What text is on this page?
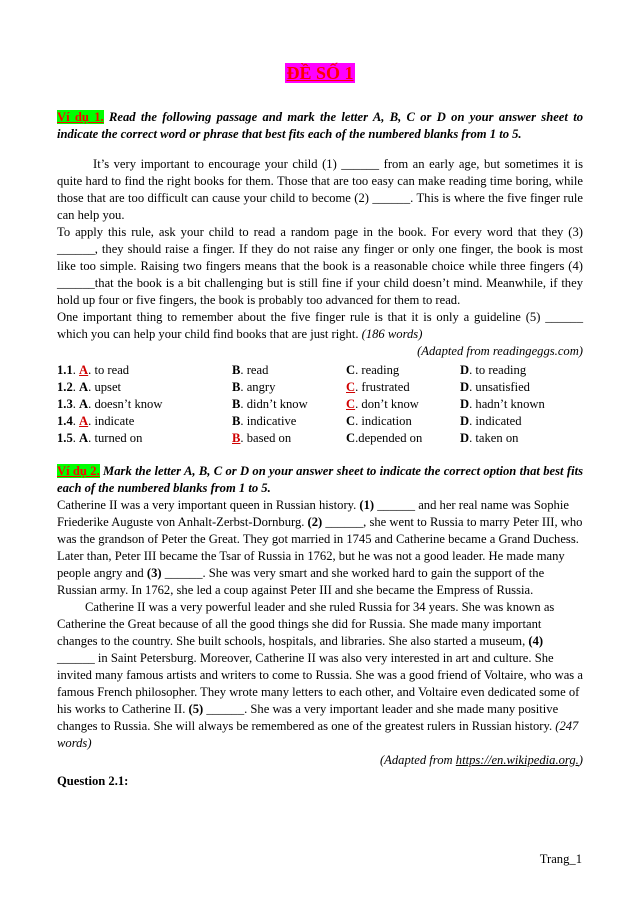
ĐỀ SỐ 1
Ví dụ 1. Read the following passage and mark the letter A, B, C or D on your answer sheet to indicate the correct word or phrase that best fits each of the numbered blanks from 1 to 5.

It’s very important to encourage your child (1) ______ from an early age, but sometimes it is quite hard to find the right books for them. Those that are too easy can make reading time boring, while those that are too difficult can cause your child to become (2) ______. This is where the five finger rule can help you.

To apply this rule, ask your child to read a random page in the book. For every word that they (3) ______, they should raise a finger. If they do not raise any finger or only one finger, the book is most like too simple. Raising two fingers means that the book is a reasonable choice while three fingers (4) ______that the book is a bit challenging but is still fine if your child doesn’t mind. Meanwhile, if they hold up four or five fingers, the book is probably too advanced for them to read.

One important thing to remember about the five finger rule is that it is only a guideline (5) ______ which you can help your child find books that are just right. (186 words)

(Adapted from readingeggs.com)

1.1. A. to read	B. read	C. reading	D. to reading
1.2. A. upset	B. angry	C. frustrated	D. unsatisfied
1.3. A. doesn’t know	B. didn’t know	C. don’t know	D. hadn’t known
1.4. A. indicate	B. indicative	C. indication	D. indicated
1.5. A. turned on	B. based on	C.depended on	D. taken on
Ví dụ 2. Mark the letter A, B, C or D on your answer sheet to indicate the correct option that best fits each of the numbered blanks from 1 to 5.

Catherine II was a very important queen in Russian history. (1) ______ and her real name was Sophie Friederike Auguste von Anhalt-Zerbst-Dornburg. (2) ______, she went to Russia to marry Peter III, who was the grandson of Peter the Great. They got married in 1745 and Catherine became a Grand Duchess. Later than, Peter III became the Tsar of Russia in 1762, but he was not a good leader. He made many people angry and (3) ______. She was very smart and she worked hard to gain the support of the Russian army. In 1762, she led a coup against Peter III and she became the Empress of Russia.

Catherine II was a very powerful leader and she ruled Russia for 34 years. She was known as Catherine the Great because of all the good things she did for Russia. She made many important changes to the country. She built schools, hospitals, and libraries. She also started a museum, (4) ______ in Saint Petersburg. Moreover, Catherine II was also very interested in art and culture. She invited many famous artists and writers to come to Russia. She was a good friend of Voltaire, who was a famous French philosopher. They wrote many letters to each other, and Voltaire even dedicated some of his works to Catherine II. (5) ______. She was a very important leader and she made many positive changes to Russia. She will always be remembered as one of the greatest rulers in Russian history. (247 words)

(Adapted from https://en.wikipedia.org.)

Question 2.1:

Trang_1
